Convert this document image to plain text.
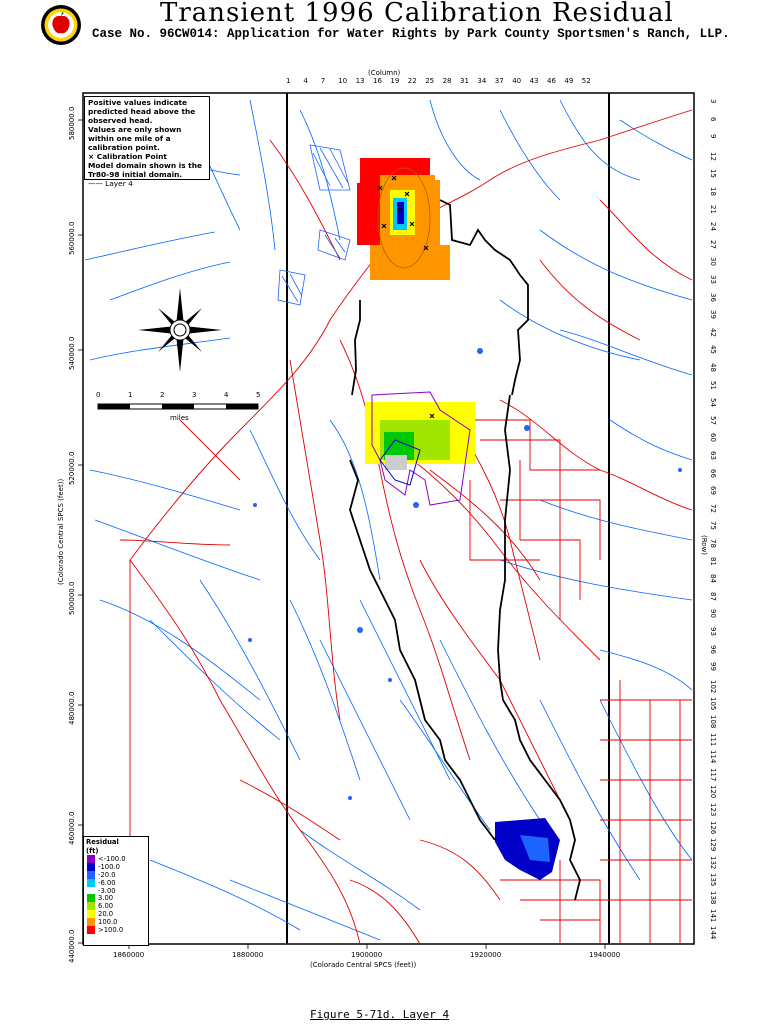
Transient 1996 Calibration Residual
Case No. 96CW014: Application for Water Rights by Park County Sportsmen's Ranch, LLP.
(Column)
1 4 7 10 13 16 19 22 25 28 31 34 37 40 43 46 49 52
(Row)
3
6
9
12
15
18
21
24
27
30
33
36
39
42
45
48
51
54
57
60
63
66
69
72
75
78
81
84
87
90
93
96
99
102
105
108
111
114
117
120
123
126
129
132
135
138
141
144
1860000	1880000	1900000	1920000	1940000
(Colorado Central SPCS (feet))
580000.0
560000.0
540000.0
520000.0
500000.0
480000.0
460000.0
440000.0
(Colorado Central SPCS (feet))
Positive values indicate
predicted head above the
observed head.
Values are only shown
within one mile of a
calibration point.
× Calibration Point
Model domain shown is the
Tr80-98 initial domain.
—— Layer 4
0	1	2	3	4	5
miles
Residual
(ft)
<-100.0
-100.0
-20.0
-6.00
-3.00
3.00
6.00
20.0
100.0
>100.0
Figure 5-71d. Layer 4
